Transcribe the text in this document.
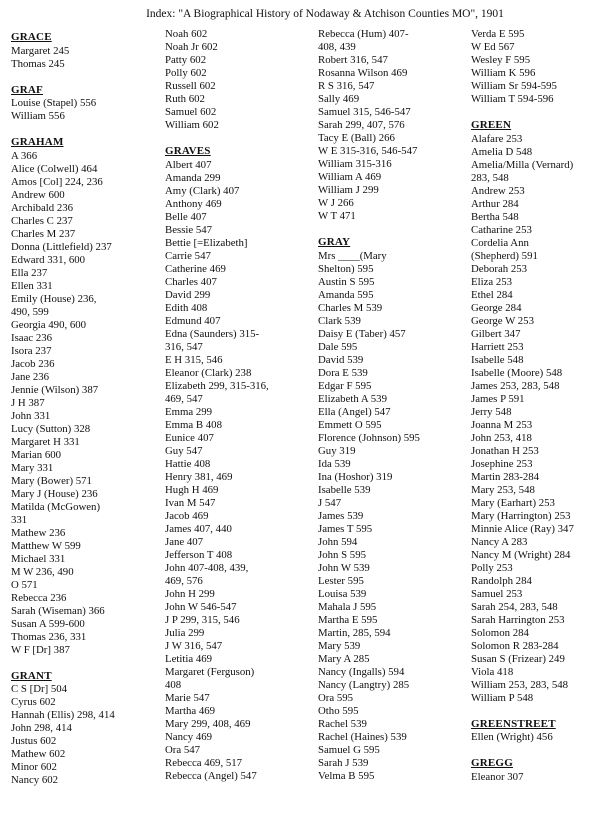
Index: "A Biographical History of Nodaway & Atchison Counties MO", 1901
GRACE
Margaret 245
Thomas 245
GRAF
Louise (Stapel) 556
William 556
GRAHAM
A 366
Alice (Colwell) 464
Amos [Col] 224, 236
Andrew 600
Archibald 236
Charles C 237
Charles M 237
Donna (Littlefield) 237
Edward 331, 600
Ella 237
Ellen 331
Emily (House) 236,
490, 599
Georgia 490, 600
Isaac 236
Isora 237
Jacob 236
Jane 236
Jennie (Wilson) 387
J H 387
John 331
Lucy (Sutton) 328
Margaret H 331
Marian 600
Mary 331
Mary (Bower) 571
Mary J (House) 236
Matilda (McGowen)
331
Mathew 236
Matthew W 599
Michael 331
M W 236, 490
O 571
Rebecca 236
Sarah (Wiseman) 366
Susan A 599-600
Thomas 236, 331
W F [Dr] 387
GRANT
C S [Dr] 504
Cyrus 602
Hannah (Ellis) 298, 414
John 298, 414
Justus 602
Mathew 602
Minor 602
Nancy 602
Noah 602
Noah Jr 602
Patty 602
Polly 602
Russell 602
Ruth 602
Samuel 602
William 602
GRAVES
Albert 407
Amanda 299
Amy (Clark) 407
Anthony 469
Belle 407
Bessie 547
Bettie [=Elizabeth]
Carrie 547
Catherine 469
Charles 407
David 299
Edith 408
Edmund 407
Edna (Saunders) 315-
316, 547
E H 315, 546
Eleanor (Clark) 238
Elizabeth 299, 315-316,
469, 547
Emma 299
Emma B 408
Eunice 407
Guy 547
Hattie 408
Henry 381, 469
Hugh H 469
Ivan M 547
Jacob 469
James 407, 440
Jane 407
Jefferson T 408
John 407-408, 439,
469, 576
John H 299
John W 546-547
J P 299, 315, 546
Julia 299
J W 316, 547
Letitia 469
Margaret (Ferguson)
408
Marie 547
Martha 469
Mary 299, 408, 469
Nancy 469
Ora 547
Rebecca 469, 517
Rebecca (Angel) 547
Rebecca (Hum) 407-
408, 439
Robert 316, 547
Rosanna Wilson 469
R S 316, 547
Sally 469
Samuel 315, 546-547
Sarah 299, 407, 576
Tacy E (Ball) 266
W E 315-316, 546-547
William 315-316
William A 469
William J 299
W J 266
W T 471
GRAY
Mrs ____(Mary
Shelton) 595
Austin S 595
Amanda 595
Charles M 539
Clark 539
Daisy E (Taber) 457
Dale 595
David 539
Dora E 539
Edgar F 595
Elizabeth A 539
Ella (Angel) 547
Emmett O 595
Florence (Johnson) 595
Guy 319
Ida 539
Ina (Hoshor) 319
Isabelle 539
J 547
James 539
James T 595
John 594
John S 595
John W 539
Lester 595
Louisa 539
Mahala J 595
Martha E 595
Martin, 285, 594
Mary 539
Mary A 285
Nancy (Ingalls) 594
Nancy (Langtry) 285
Ora 595
Otho 595
Rachel 539
Rachel (Haines) 539
Samuel G 595
Sarah J 539
Velma B 595
Verda E 595
W Ed 567
Wesley F 595
William K 596
William Sr 594-595
William T 594-596
GREEN
Alafare 253
Amelia D 548
Amelia/Milla (Vernard)
283, 548
Andrew 253
Arthur 284
Bertha 548
Catharine 253
Cordelia Ann
(Shepherd) 591
Deborah 253
Eliza 253
Ethel 284
George 284
George W 253
Gilbert 347
Harriett 253
Isabelle 548
Isabelle (Moore) 548
James 253, 283, 548
James P 591
Jerry 548
Joanna M 253
John 253, 418
Jonathan H 253
Josephine 253
Martin 283-284
Mary 253, 548
Mary (Earhart) 253
Mary (Harrington) 253
Minnie Alice (Ray) 347
Nancy A 283
Nancy M (Wright) 284
Polly 253
Randolph 284
Samuel 253
Sarah 254, 283, 548
Sarah Harrington 253
Solomon 284
Solomon R 283-284
Susan S (Frizear) 249
Viola 418
William 253, 283, 548
William P 548
GREENSTREET
Ellen (Wright) 456
GREGG
Eleanor 307
